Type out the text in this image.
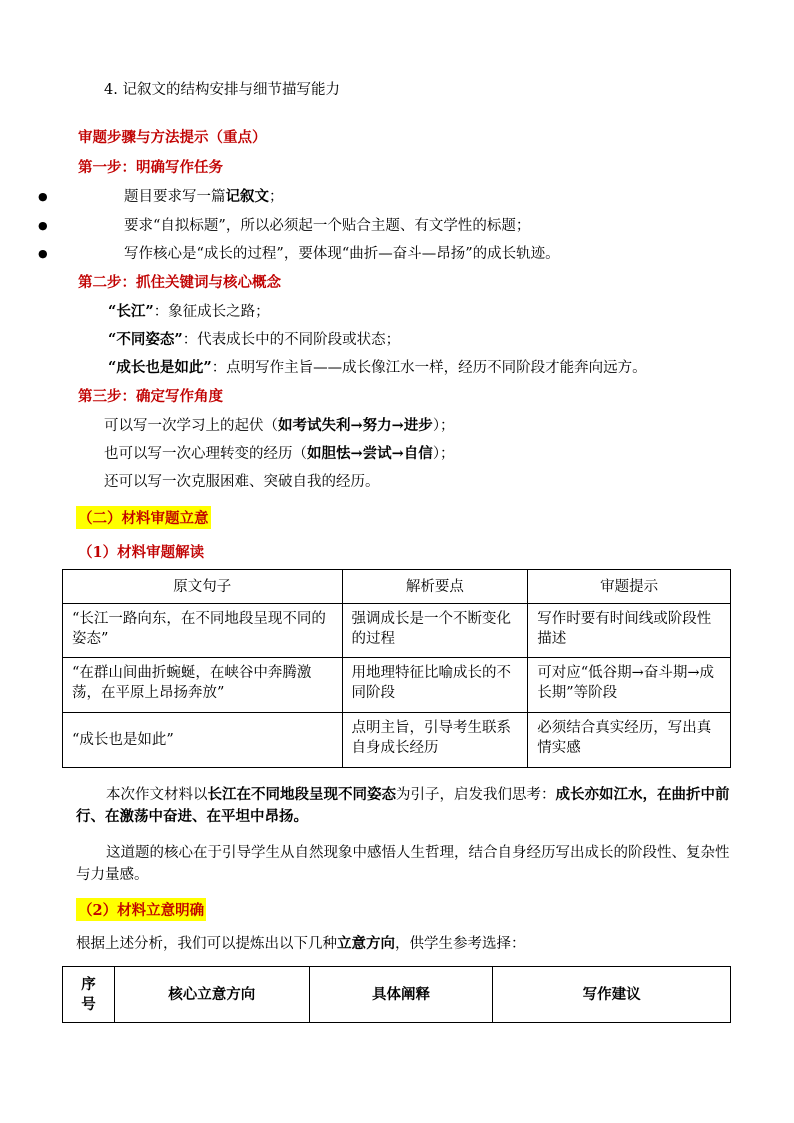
4. 记叙文的结构安排与细节描写能力
审题步骤与方法提示（重点）
第一步：明确写作任务
●	题目要求写一篇记叙文；
●	要求“自拟标题”，所以必须起一个贴合主题、有文学性的标题；
●	写作核心是“成长的过程”，要体现“曲折—奋斗—昂扬”的成长轨迹。
第二步：抓住关键词与核心概念
“长江”：象征成长之路；
“不同姿态”：代表成长中的不同阶段或状态；
“成长也是如此”：点明写作主旨——成长像江水一样，经历不同阶段才能奔向远方。
第三步：确定写作角度
可以写一次学习上的起伏（如考试失利→努力→进步）；
也可以写一次心理转变的经历（如胆怯→尝试→自信）；
还可以写一次克服困难、突破自我的经历。
（二）材料审题立意
（1）材料审题解读
原文句子	解析要点	审题提示
“长江一路向东，在不同地段呈现不同的姿态”	强调成长是一个不断变化的过程	写作时要有时间线或阶段性描述
“在群山间曲折蜿蜒，在峡谷中奔腾激荡，在平原上昂扬奔放”	用地理特征比喻成长的不同阶段	可对应“低谷期→奋斗期→成长期”等阶段
“成长也是如此”	点明主旨，引导考生联系自身成长经历	必须结合真实经历，写出真情实感
本次作文材料以长江在不同地段呈现不同姿态为引子，启发我们思考：成长亦如江水，在曲折中前行、在激荡中奋进、在平坦中昂扬。
这道题的核心在于引导学生从自然现象中感悟人生哲理，结合自身经历写出成长的阶段性、复杂性与力量感。
（2）材料立意明确
根据上述分析，我们可以提炼出以下几种立意方向，供学生参考选择：
序号	核心立意方向	具体阐释	写作建议
